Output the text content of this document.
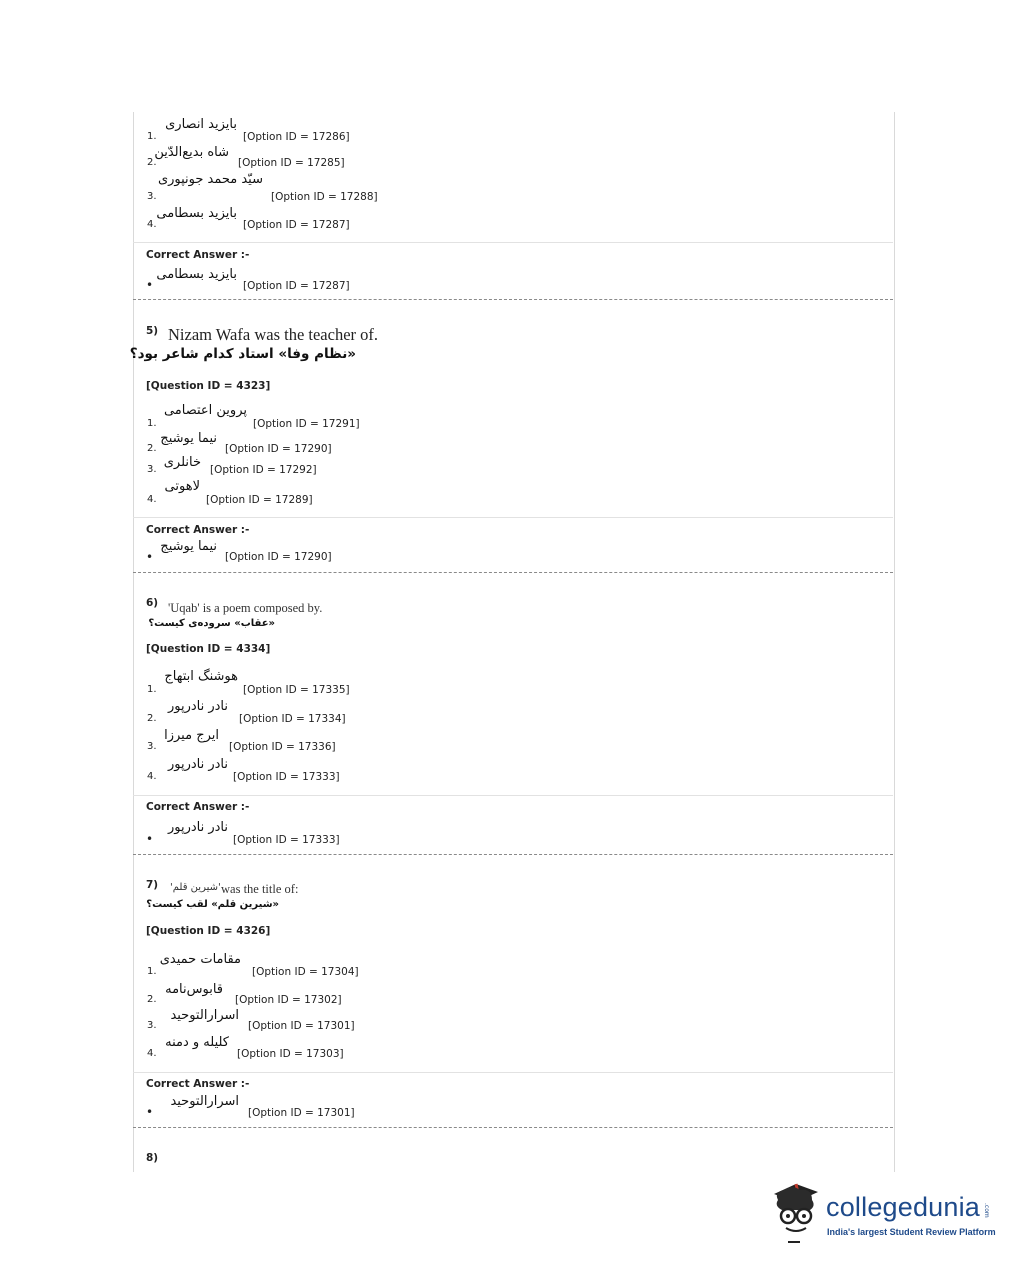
1.
بایزید انصاری
[Option ID = 17286]
2.
شاه بدیع‌الدّین
[Option ID = 17285]
3.
سیّد محمد جونپوری
[Option ID = 17288]
4.
بایزید بسطامی
[Option ID = 17287]
Correct Answer :-
•
بایزید بسطامی
[Option ID = 17287]
5) Nizam Wafa was the teacher of.
«نظام وفا» استاد کدام شاعر بود؟
[Question ID = 4323]
1.
پروین اعتصامی
[Option ID = 17291]
2.
نیما یوشیج
[Option ID = 17290]
3. خانلری [Option ID = 17292]
4.
لاهوتی
[Option ID = 17289]
Correct Answer :-
•
نیما یوشیج
[Option ID = 17290]
6) 'Uqab' is a poem composed by.
«عقاب» سروده‌ی کیست؟
[Question ID = 4334]
1.
هوشنگ ابتهاج
[Option ID = 17335]
2.
نادر نادرپور
[Option ID = 17334]
3.
ایرج میرزا
[Option ID = 17336]
4.
نادر نادرپور
[Option ID = 17333]
Correct Answer :-
•
نادر نادرپور
[Option ID = 17333]
7) 'شیرین قلم' was the title of:
«شیرین قلم» لقب کیست؟
[Question ID = 4326]
1.
مقامات حمیدی
[Option ID = 17304]
2.
قابوس‌نامه
[Option ID = 17302]
3.
اسرارالتوحید
[Option ID = 17301]
4.
کلیله و دمنه
[Option ID = 17303]
Correct Answer :-
•
اسرارالتوحید
[Option ID = 17301]
8)
collegedunia .com
India's largest Student Review Platform
